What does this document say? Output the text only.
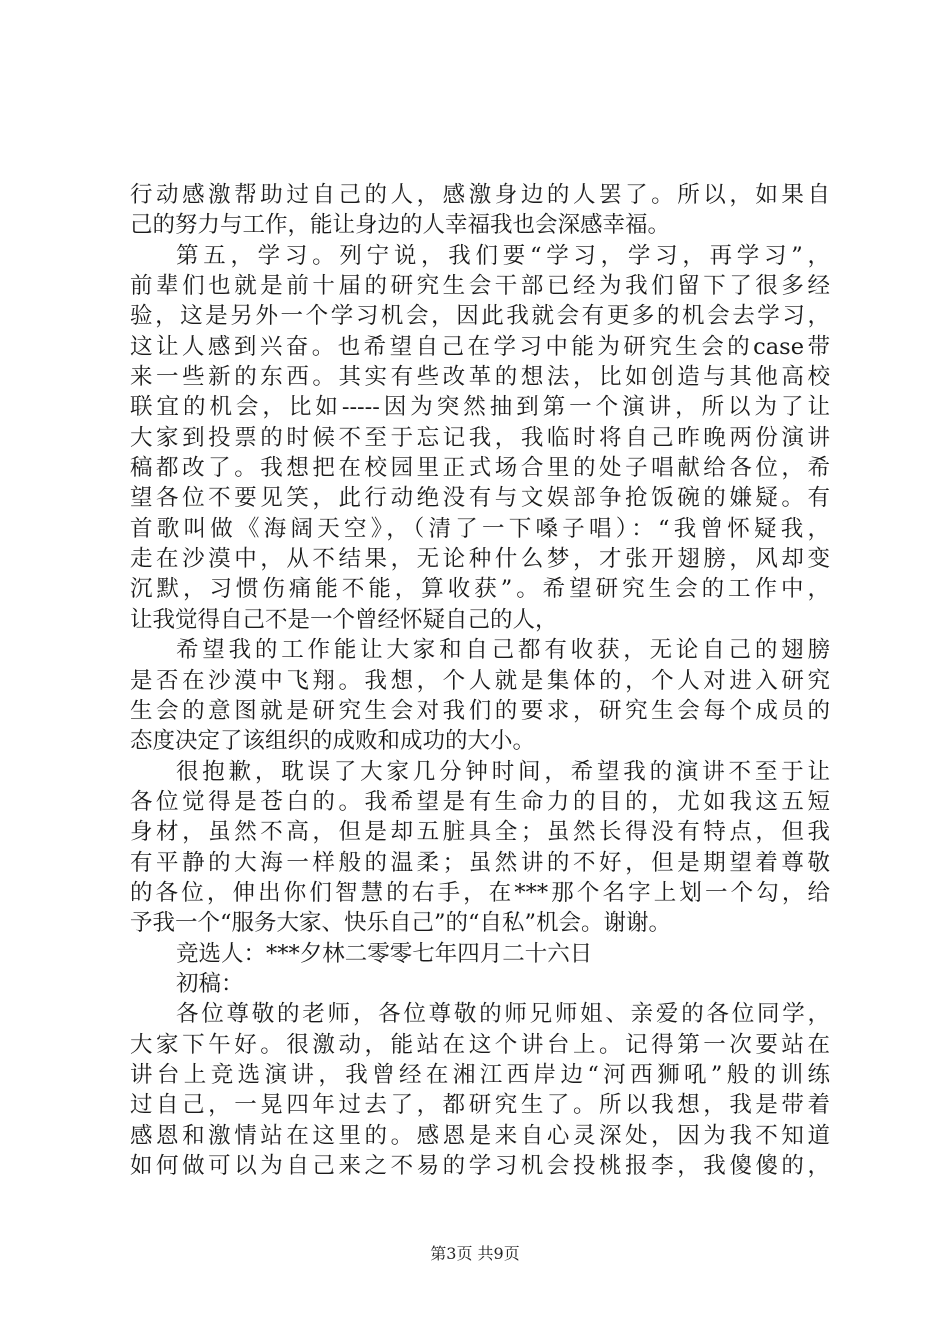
行动感激帮助过自己的人，感激身边的人罢了。所以，如果自
己的努力与工作，能让身边的人幸福我也会深感幸福。
第五，学习。列宁说，我们要“学习，学习，再学习”，
前辈们也就是前十届的研究生会干部已经为我们留下了很多经
验，这是另外一个学习机会，因此我就会有更多的机会去学习，
这让人感到兴奋。也希望自己在学习中能为研究生会的case带
来一些新的东西。其实有些改革的想法，比如创造与其他高校
联宜的机会，比如-----因为突然抽到第一个演讲，所以为了让
大家到投票的时候不至于忘记我，我临时将自己昨晚两份演讲
稿都改了。我想把在校园里正式场合里的处子唱献给各位，希
望各位不要见笑，此行动绝没有与文娱部争抢饭碗的嫌疑。有
首歌叫做《海阔天空》，（清了一下嗓子唱）：“我曾怀疑我，
走在沙漠中，从不结果，无论种什么梦，才张开翅膀，风却变
沉默，习惯伤痛能不能，算收获”。希望研究生会的工作中，
让我觉得自己不是一个曾经怀疑自己的人，
希望我的工作能让大家和自己都有收获，无论自己的翅膀
是否在沙漠中飞翔。我想，个人就是集体的，个人对进入研究
生会的意图就是研究生会对我们的要求，研究生会每个成员的
态度决定了该组织的成败和成功的大小。
很抱歉，耽误了大家几分钟时间，希望我的演讲不至于让
各位觉得是苍白的。我希望是有生命力的目的，尤如我这五短
身材，虽然不高，但是却五脏具全；虽然长得没有特点，但我
有平静的大海一样般的温柔；虽然讲的不好，但是期望着尊敬
的各位，伸出你们智慧的右手，在***那个名字上划一个勾，给
予我一个“服务大家、快乐自己”的“自私”机会。谢谢。
竞选人：***夕林二零零七年四月二十六日
初稿：
各位尊敬的老师，各位尊敬的师兄师姐、亲爱的各位同学，
大家下午好。很激动，能站在这个讲台上。记得第一次要站在
讲台上竞选演讲，我曾经在湘江西岸边“河西狮吼”般的训练
过自己，一晃四年过去了，都研究生了。所以我想，我是带着
感恩和激情站在这里的。感恩是来自心灵深处，因为我不知道
如何做可以为自己来之不易的学习机会投桃报李，我傻傻的，
第3页 共9页
